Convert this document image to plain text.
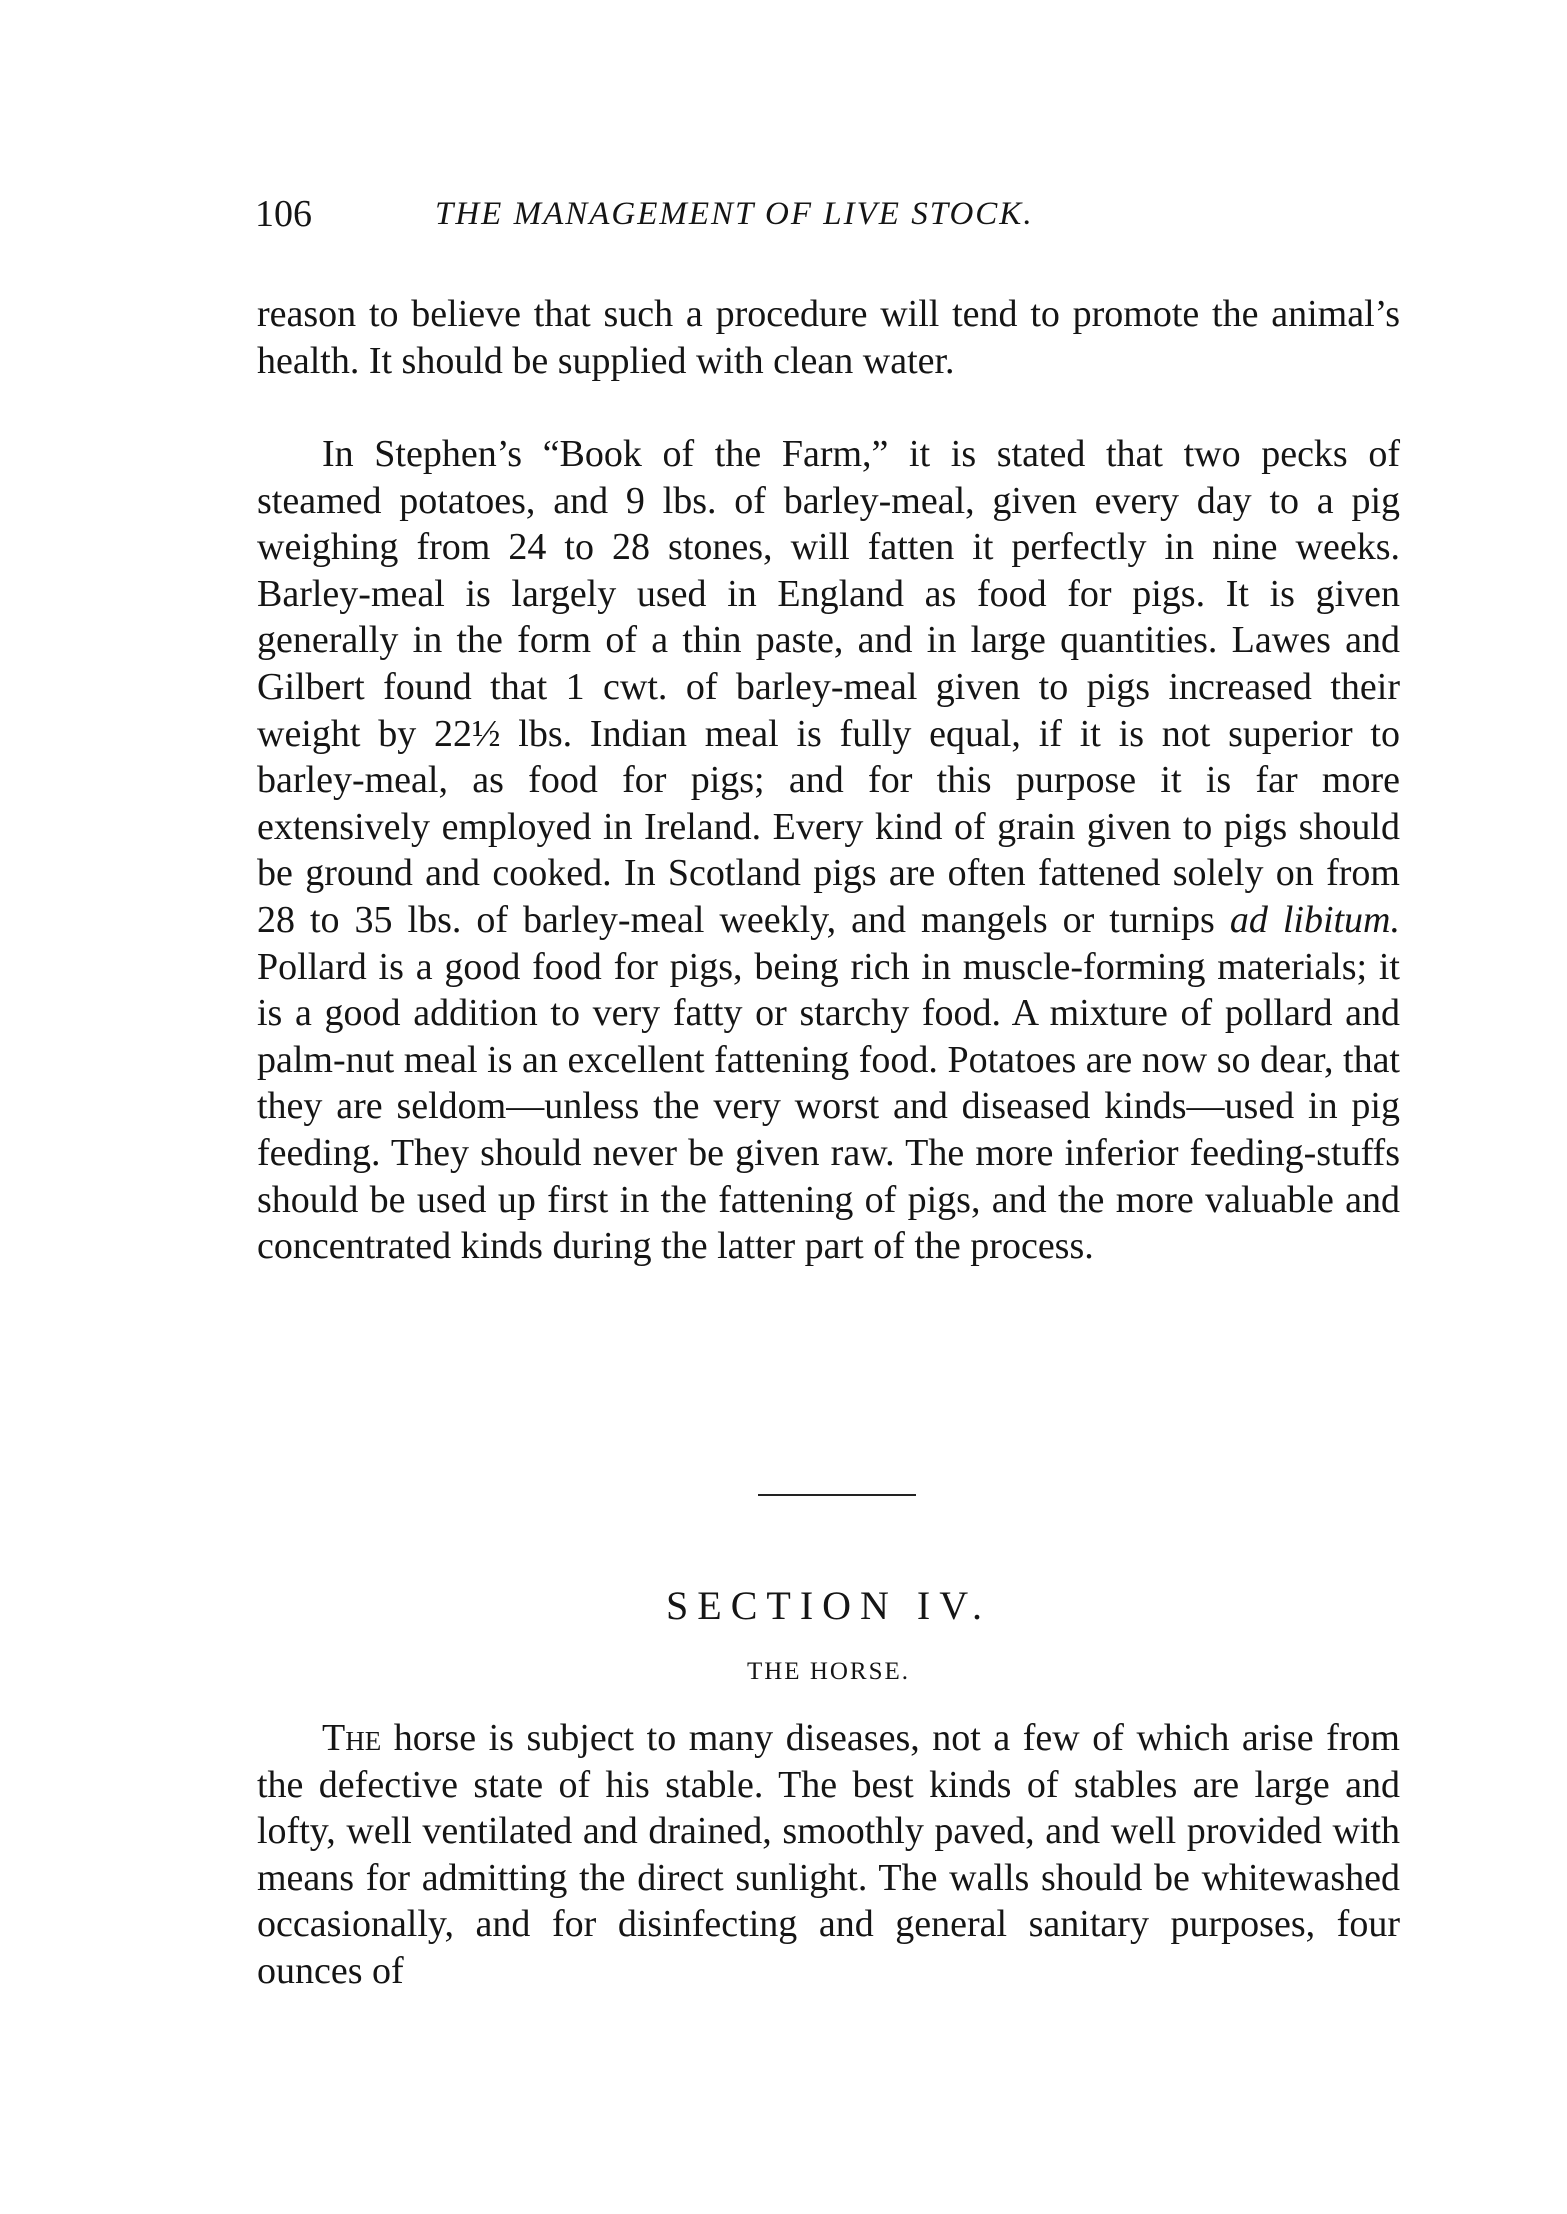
106	THE MANAGEMENT OF LIVE STOCK.

reason to believe that such a procedure will tend to promote the animal’s health. It should be supplied with clean water.

In Stephen’s “Book of the Farm,” it is stated that two pecks of steamed potatoes, and 9 lbs. of barley-meal, given every day to a pig weighing from 24 to 28 stones, will fatten it perfectly in nine weeks. Barley-meal is largely used in England as food for pigs. It is given generally in the form of a thin paste, and in large quantities. Lawes and Gilbert found that 1 cwt. of barley-meal given to pigs increased their weight by 22½ lbs. Indian meal is fully equal, if it is not superior to barley-meal, as food for pigs; and for this purpose it is far more extensively employed in Ireland. Every kind of grain given to pigs should be ground and cooked. In Scotland pigs are often fattened solely on from 28 to 35 lbs. of barley-meal weekly, and mangels or turnips ad libitum. Pollard is a good food for pigs, being rich in muscle-forming materials; it is a good addition to very fatty or starchy food. A mixture of pollard and palm-nut meal is an excellent fattening food. Potatoes are now so dear, that they are seldom—unless the very worst and diseased kinds—used in pig feeding. They should never be given raw. The more inferior feeding-stuffs should be used up first in the fattening of pigs, and the more valuable and concentrated kinds during the latter part of the process.

SECTION IV.
THE HORSE.

The horse is subject to many diseases, not a few of which arise from the defective state of his stable. The best kinds of stables are large and lofty, well ventilated and drained, smoothly paved, and well provided with means for admitting the direct sunlight. The walls should be whitewashed occasionally, and for disinfecting and general sanitary purposes, four ounces of
